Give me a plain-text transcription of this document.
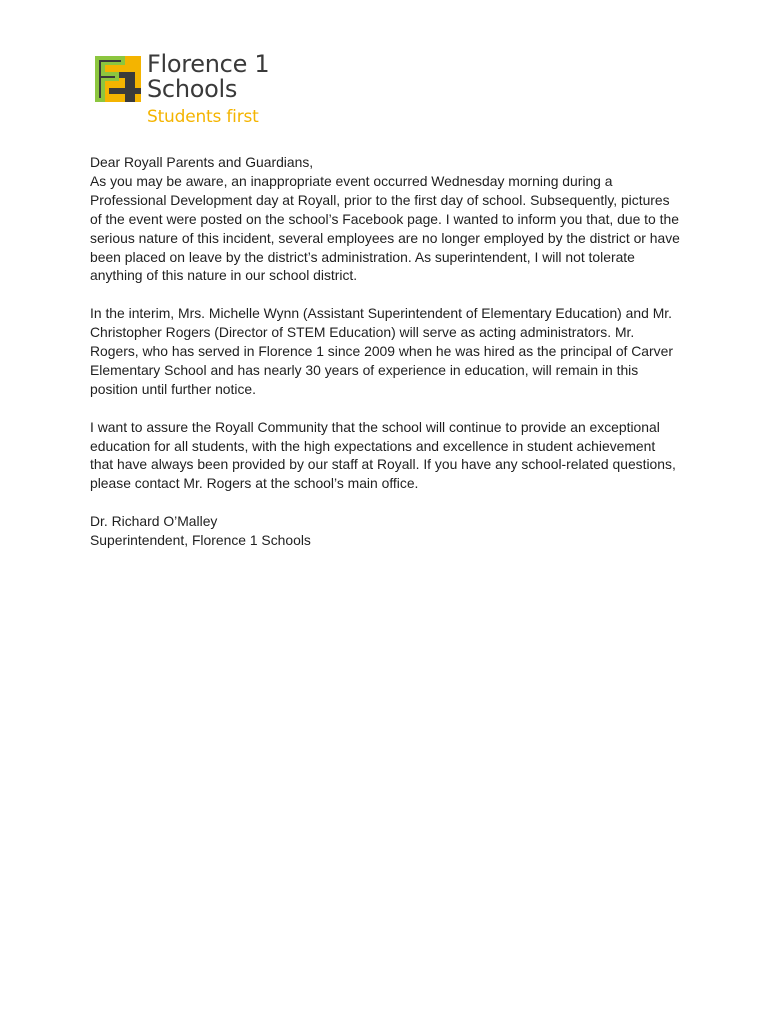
Florence 1
Schools
Students first

Dear Royall Parents and Guardians,

As you may be aware, an inappropriate event occurred Wednesday morning during a Professional Development day at Royall, prior to the first day of school. Subsequently, pictures of the event were posted on the school’s Facebook page. I wanted to inform you that, due to the serious nature of this incident, several employees are no longer employed by the district or have been placed on leave by the district’s administration. As superintendent, I will not tolerate anything of this nature in our school district.

In the interim, Mrs. Michelle Wynn (Assistant Superintendent of Elementary Education) and Mr. Christopher Rogers (Director of STEM Education) will serve as acting administrators. Mr. Rogers, who has served in Florence 1 since 2009 when he was hired as the principal of Carver Elementary School and has nearly 30 years of experience in education, will remain in this position until further notice.

I want to assure the Royall Community that the school will continue to provide an exceptional education for all students, with the high expectations and excellence in student achievement that have always been provided by our staff at Royall. If you have any school-related questions, please contact Mr. Rogers at the school’s main office.

Dr. Richard O’Malley

Superintendent, Florence 1 Schools
